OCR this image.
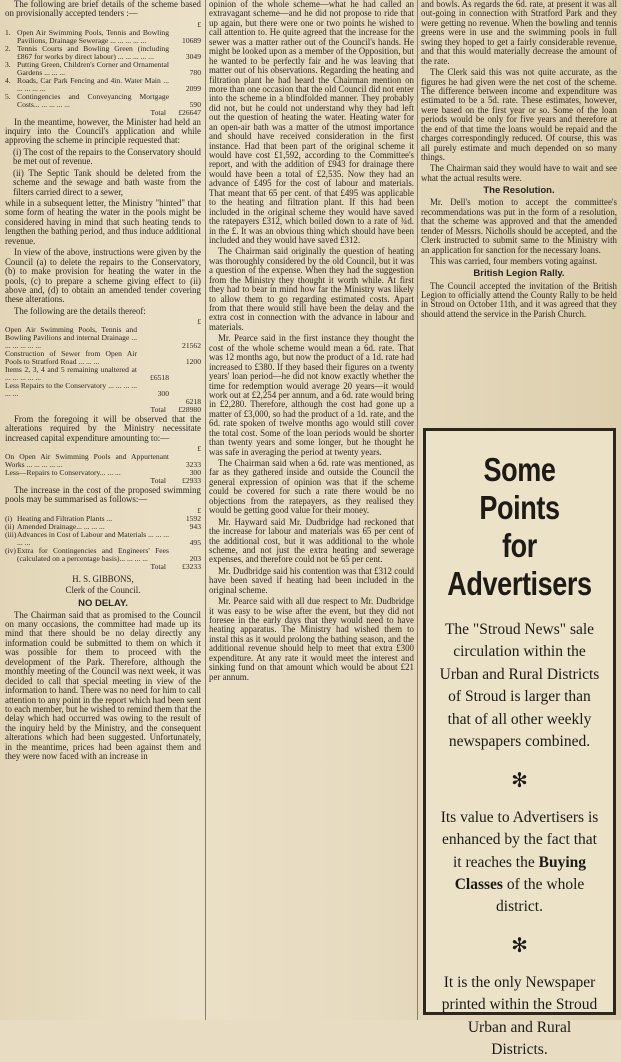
The following are brief details of the scheme based on provisionally accepted tenders :—

		£
1.	Open Air Swimming Pools, Tennis and Bowling Pavilions, Drainage Sewerage ... ... ... ... ...	10689
2.	Tennis Courts and Bowling Green (including £867 for works by direct labour) ... ... ... ... ...	3049
3.	Putting Green, Children's Corner and Ornamental Gardens ... ... ...	780
4.	Roads, Car Park Fencing and 4in. Water Main ... ... ... ... ...	2099
5.	Contingencies and Conveyancing Mortgage Costs... ... ... ... ...	590
	Total	£26647

In the meantime, however, the Minister had held an inquiry into the Council's application and while approving the scheme in principle requested that:

(i) The cost of the repairs to the Conservatory should be met out of revenue.

(ii) The Septic Tank should be deleted from the scheme and the sewage and bath waste from the filters carried direct to a sewer,

while in a subsequent letter, the Ministry "hinted" that some form of heating the water in the pools might be considered having in mind that such heating tends to lengthen the bathing period, and thus induce additional revenue.

In view of the above, instructions were given by the Council (a) to delete the repairs to the Conservatory, (b) to make provision for heating the water in the pools, (c) to prepare a scheme giving effect to (ii) above and, (d) to obtain an amended tender covering these alterations.

The following are the details thereof:

		£
Open Air Swimming Pools, Tennis and Bowling Pavilions and internal Drainage ... ... ... ... ... ...		21562
Construction of Sewer from Open Air Pools to Stratford Road ... ... ...		1200
Items 2, 3, 4 and 5 remaining unaltered at ... ... ... ... ...	£6518	
Less Repairs to the Conservatory ... ... ... ... ... ...	300	
		6218
Total		£28980

From the foregoing it will be observed that the alterations required by the Ministry necessitate increased capital expenditure amounting to:—

	£
On Open Air Swimming Pools and Appurtenant Works ... ... ... ... ...	3233
Less—Repairs to Conservatory... ... ...	300
Total	£2933

The increase in the cost of the proposed swimming pools may be summarised as follows:—

		£
(i)	Heating and Filtration Plants ...	1592
(ii)	Amended Drainage... ... ... ...	943
(iii)	Advances in Cost of Labour and Materials ... ... ... ... ...	495
(iv)	Extra for Contingencies and Engineers' Fees (calculated on a percentage basis)... ... ... ...	203
	Total	£3233
H. S. GIBBONS,
Clerk of the Council.
NO DELAY.

The Chairman said that as promised to the Council on many occasions, the committee had made up its mind that there should be no delay directly any information could be submitted to them on which it was possible for them to proceed with the development of the Park. Therefore, although the monthly meeting of the Council was next week, it was decided to call that special meeting in view of the information to hand. There was no need for him to call attention to any point in the report which had been sent to each member, but he wished to remind them that the delay which had occurred was owing to the result of the inquiry held by the Ministry, and the consequent alterations which had been suggested. Unfortunately, in the meantime, prices had been against them and they were now faced with an increase in

opinion of the whole scheme—what he had called an extravagant scheme—and he did not propose to ride that up again, but there were one or two points he wished to call attention to. He quite agreed that the increase for the sewer was a matter rather out of the Council's hands. He might be looked upon as a member of the Opposition, but he wanted to be perfectly fair and he was leaving that matter out of his observations. Regarding the heating and filtration plant he had heard the Chairman mention on more than one occasion that the old Council did not enter into the scheme in a blindfolded manner. They probably did not, but he could not understand why they had left out the question of heating the water. Heating water for an open-air bath was a matter of the utmost importance and should have received consideration in the first instance. Had that been part of the original scheme it would have cost £1,592, according to the Committee's report, and with the addition of £943 for drainage there would have been a total of £2,535. Now they had an advance of £495 for the cost of labour and materials. That meant that 65 per cent. of that £495 was applicable to the heating and filtration plant. If this had been included in the original scheme they would have saved the ratepayers £312, which boiled down to a rate of ¾d. in the £. It was an obvious thing which should have been included and they would have saved £312.

The Chairman said originally the question of heating was thoroughly considered by the old Council, but it was a question of the expense. When they had the suggestion from the Ministry they thought it worth while. At first they had to bear in mind how far the Ministry was likely to allow them to go regarding estimated costs. Apart from that there would still have been the delay and the extra cost in connection with the advance in labour and materials.

Mr. Pearce said in the first instance they thought the cost of the whole scheme would mean a 6d. rate. That was 12 months ago, but now the product of a 1d. rate had increased to £380. If they based their figures on a twenty years' loan period—he did not know exactly whether the time for redemption would average 20 years—it would work out at £2,254 per annum, and a 6d. rate would bring in £2,280. Therefore, although the cost had gone up a matter of £3,000, so had the product of a 1d. rate, and the 6d. rate spoken of twelve months ago would still cover the total cost. Some of the loan periods would be shorter than twenty years and some longer, but he thought he was safe in averaging the period at twenty years.

The Chairman said when a 6d. rate was mentioned, as far as they gathered inside and outside the Council the general expression of opinion was that if the scheme could be covered for such a rate there would be no objections from the ratepayers, as they realised they would be getting good value for their money.

Mr. Hayward said Mr. Dudbridge had reckoned that the increase for labour and materials was 65 per cent of the additional cost, but it was additional to the whole scheme, and not just the extra heating and sewerage expenses, and therefore could not be 65 per cent.

Mr. Dudbridge said his contention was that £312 could have been saved if heating had been included in the original scheme.

Mr. Pearce said with all due respect to Mr. Dudbridge it was easy to be wise after the event, but they did not foresee in the early days that they would need to have heating apparatus. The Ministry had wished them to instal this as it would prolong the bathing season, and the additional revenue should help to meet that extra £300 expenditure. At any rate it would meet the interest and sinking fund on that amount which would be about £21 per annum.

and bowls. As regards the 6d. rate, at present it was all out-going in connection with Stratford Park and they were getting no revenue. When the bowling and tennis greens were in use and the swimming pools in full swing they hoped to get a fairly considerable revenue, and that this would materially decrease the amount of the rate.

The Clerk said this was not quite accurate, as the figures he had given were the net cost of the scheme. The difference between income and expenditure was estimated to be a 5d. rate. These estimates, however, were based on the first year or so. Some of the loan periods would be only for five years and therefore at the end of that time the loans would be repaid and the charges correspondingly reduced. Of course, this was all purely estimate and much depended on so many things.

The Chairman said they would have to wait and see what the actual results were.

The Resolution.

Mr. Dell's motion to accept the committee's recommendations was put in the form of a resolution, that the scheme was approved and that the amended tender of Messrs. Nicholls should be accepted, and the Clerk instructed to submit same to the Ministry with an application for sanction for the necessary loans.

This was carried, four members voting against.

British Legion Rally.

The Council accepted the invitation of the British Legion to officially attend the County Rally to be held in Stroud on October 11th, and it was agreed that they should attend the service in the Parish Church.

Some Points
for Advertisers
The "Stroud News" sale circulation within the Urban and Rural Districts of Stroud is larger than that of all other weekly newspapers combined.
✻
Its value to Advertisers is enhanced by the fact that it reaches the Buying Classes of the whole district.
✻
It is the only Newspaper printed within the Stroud Urban and Rural Districts.
